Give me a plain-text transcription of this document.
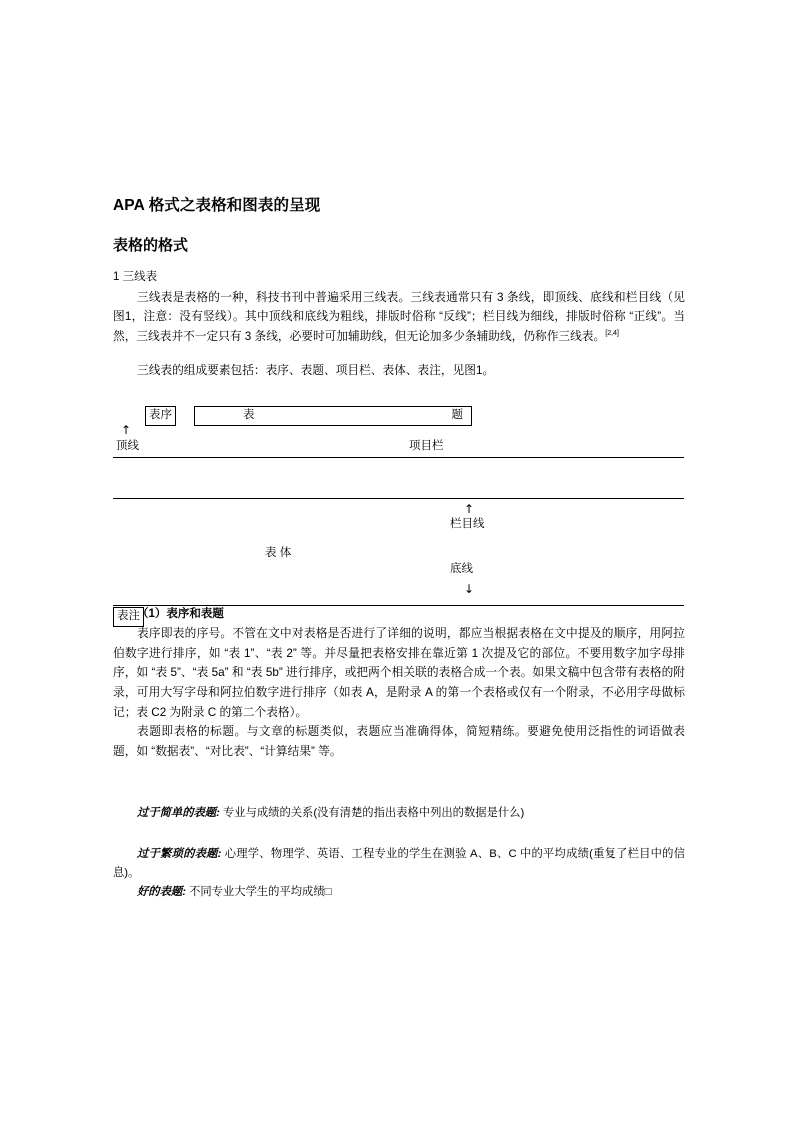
APA 格式之表格和图表的呈现
表格的格式
1 三线表

三线表是表格的一种，科技书刊中普遍采用三线表。三线表通常只有 3 条线，即顶线、底线和栏目线（见图1，注意：没有竖线）。其中顶线和底线为粗线，排版时俗称 “反线”；栏目线为细线，排版时俗称 “正线”。当然，三线表并不一定只有 3 条线，必要时可加辅助线，但无论加多少条辅助线，仍称作三线表。[2,4]

三线表的组成要素包括：表序、表题、项目栏、表体、表注，见图1。

表序	表	题
↑
顶线	项目栏
↑
栏目线
表 体
底线
↓
表注
（1）表序和表题

表序即表的序号。不管在文中对表格是否进行了详细的说明，都应当根据表格在文中提及的顺序，用阿拉伯数字进行排序，如 “表 1”、“表 2” 等。并尽量把表格安排在靠近第 1 次提及它的部位。不要用数字加字母排序，如 “表 5”、“表 5a” 和 “表 5b” 进行排序，或把两个相关联的表格合成一个表。如果文稿中包含带有表格的附录，可用大写字母和阿拉伯数字进行排序（如表 A，是附录 A 的第一个表格或仅有一个附录，不必用字母做标记；表 C2 为附录 C 的第二个表格）。

表题即表格的标题。与文章的标题类似，表题应当准确得体，简短精练。要避免使用泛指性的词语做表题，如 “数据表”、“对比表”、“计算结果” 等。

过于简单的表题: 专业与成绩的关系(没有清楚的指出表格中列出的数据是什么)

过于繁琐的表题: 心理学、物理学、英语、工程专业的学生在测验 A、B、C 中的平均成绩(重复了栏目中的信息)。

好的表题: 不同专业大学生的平均成绩□
